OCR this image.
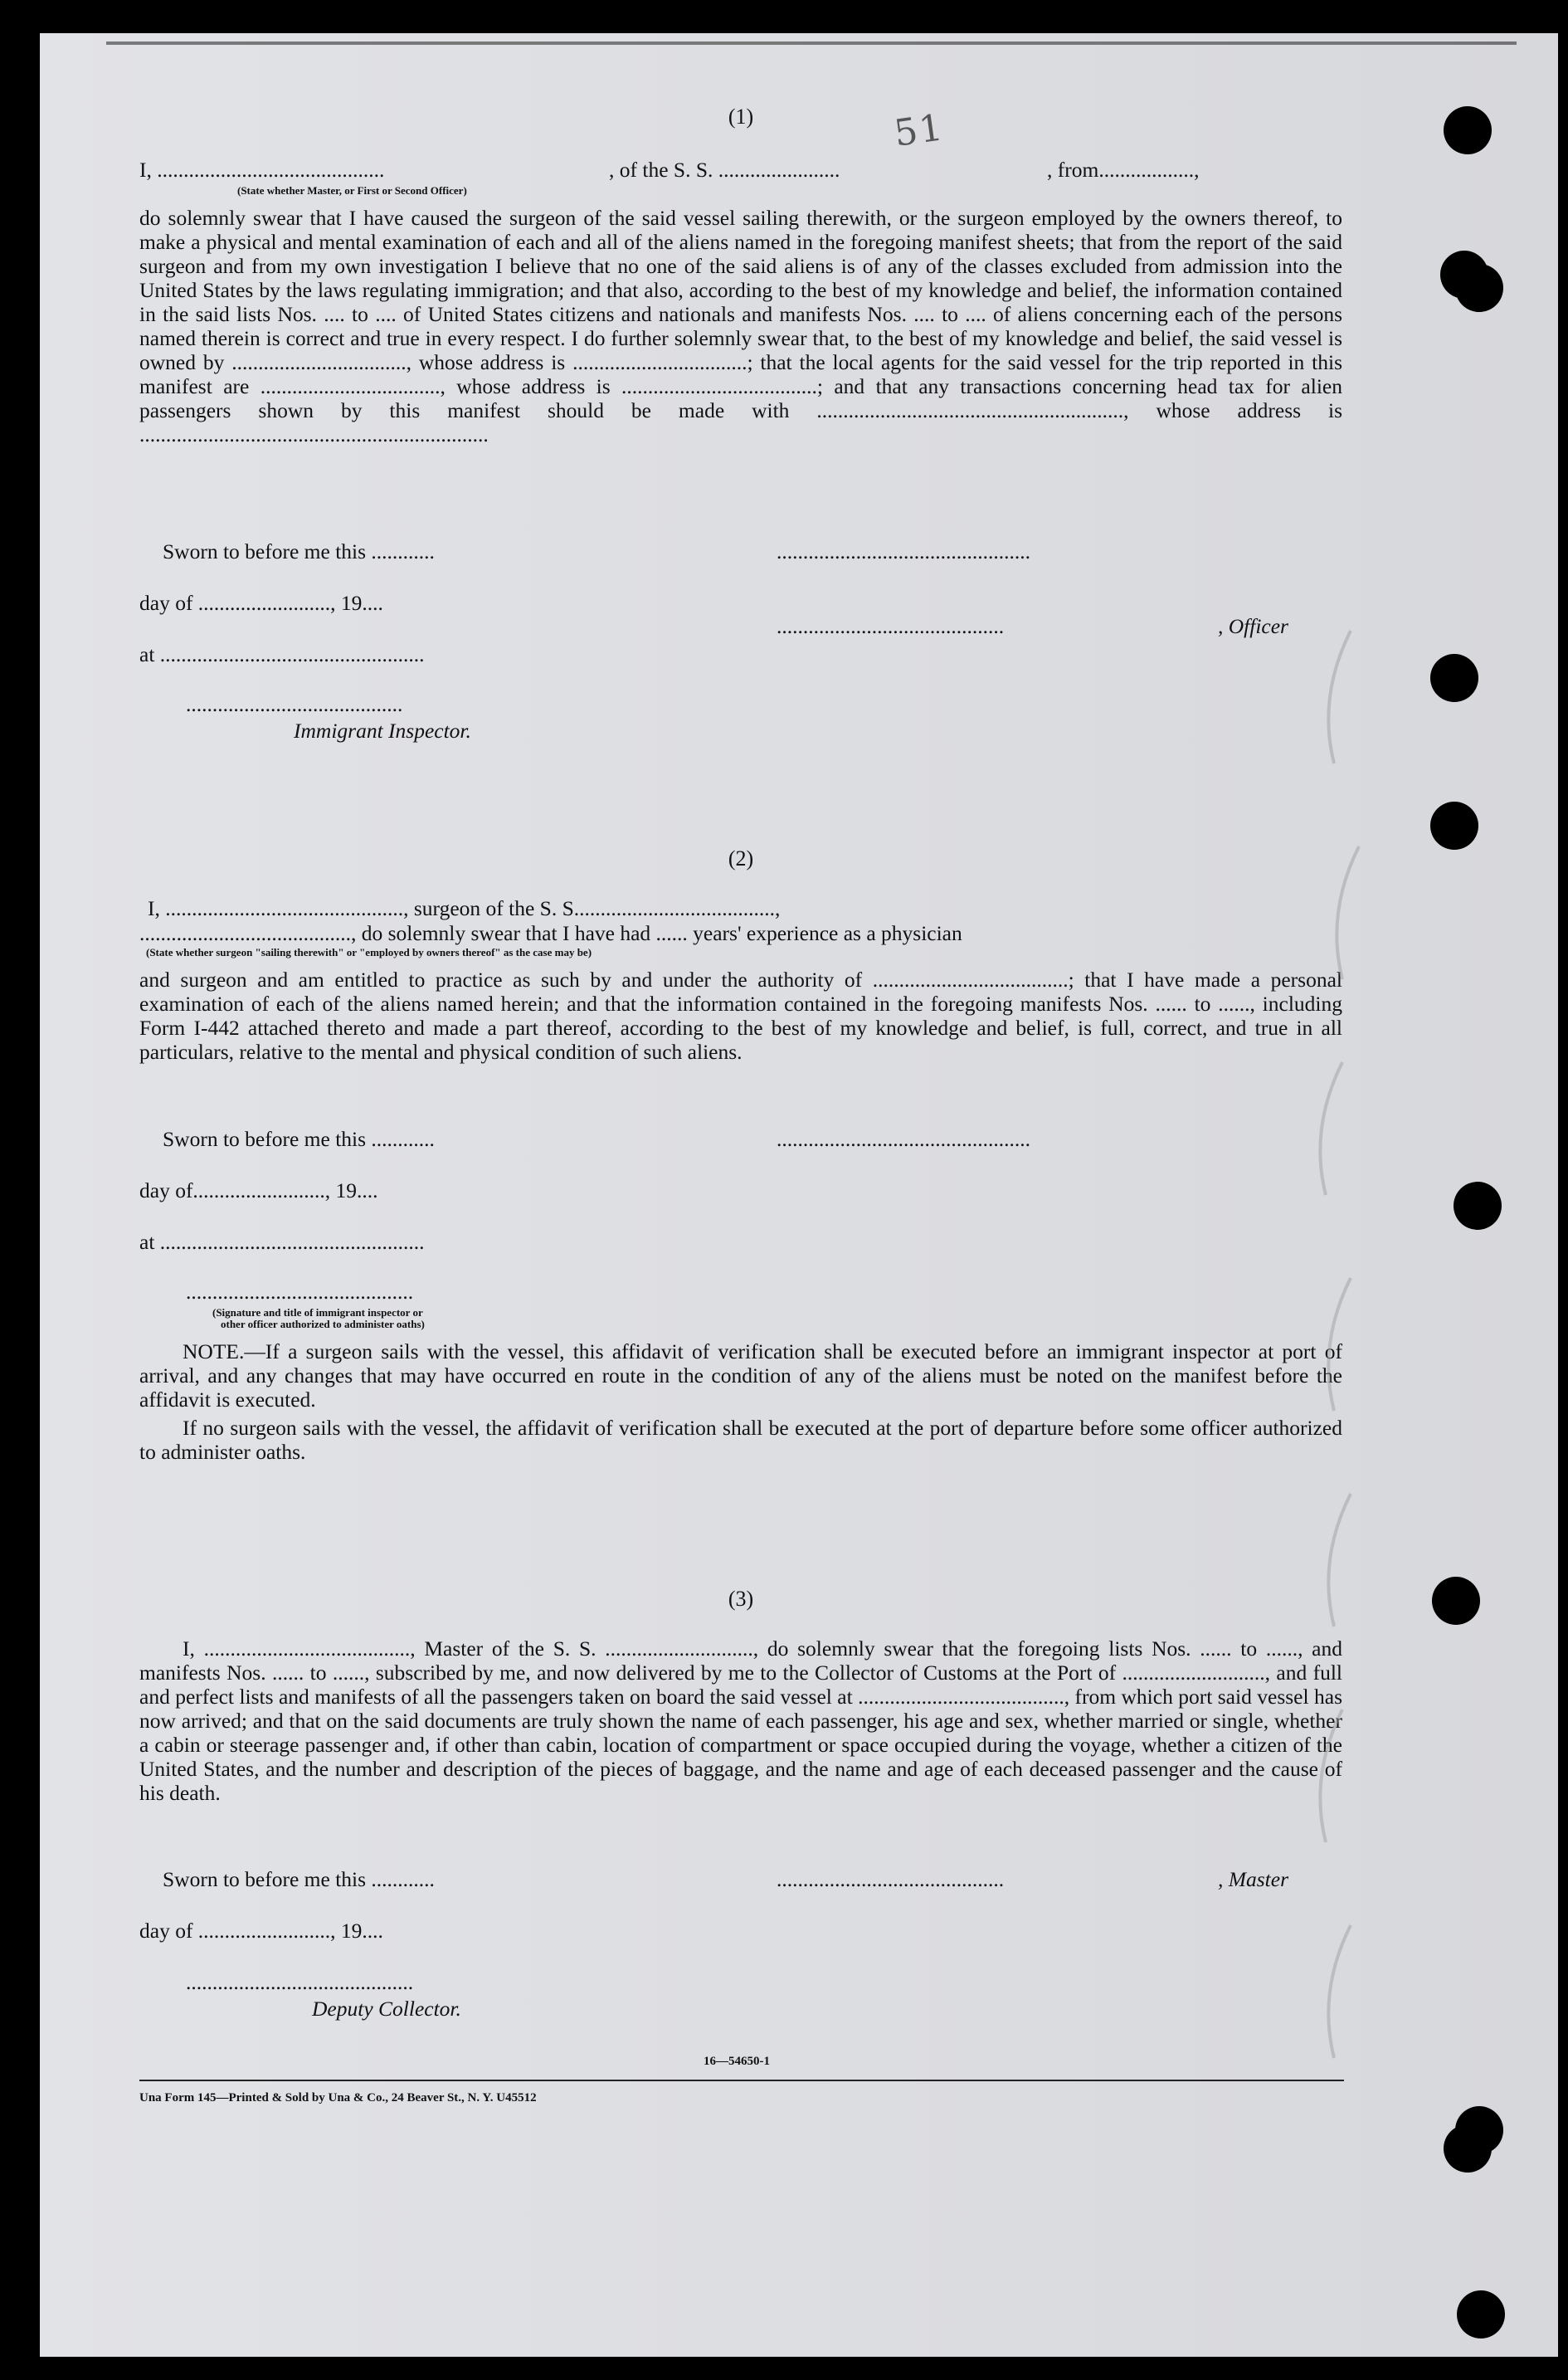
51
(1)
I, ...........................................	, of the S. S. .......................	, from..................,
(State whether Master, or First or Second Officer)
do solemnly swear that I have caused the surgeon of the said vessel sailing therewith, or the surgeon employed by the owners thereof, to make a physical and mental examination of each and all of the aliens named in the foregoing manifest sheets; that from the report of the said surgeon and from my own investigation I believe that no one of the said aliens is of any of the classes excluded from admission into the United States by the laws regulating immigration; and that also, according to the best of my knowledge and belief, the information contained in the said lists Nos. .... to .... of United States citizens and nationals and manifests Nos. .... to .... of aliens concerning each of the persons named therein is correct and true in every respect. I do further solemnly swear that, to the best of my knowledge and belief, the said vessel is owned by ................................., whose address is .................................; that the local agents for the said vessel for the trip reported in this manifest are .................................., whose address is .....................................; and that any transactions concerning head tax for alien passengers shown by this manifest should be made with .........................................................., whose address is ..................................................................
Sworn to before me this ............	................................................
day of ........................., 19....
...........................................	, Officer
at ..................................................
.........................................
Immigrant Inspector.
(2)
I, ............................................., surgeon of the S. S......................................,
........................................, do solemnly swear that I have had ...... years' experience as a physician
(State whether surgeon "sailing therewith" or "employed by owners thereof" as the case may be)
and surgeon and am entitled to practice as such by and under the authority of .....................................; that I have made a personal examination of each of the aliens named herein; and that the information contained in the foregoing manifests Nos. ...... to ......, including Form I-442 attached thereto and made a part thereof, according to the best of my knowledge and belief, is full, correct, and true in all particulars, relative to the mental and physical condition of such aliens.
Sworn to before me this ............	................................................
day of........................., 19....
at ..................................................
...........................................
(Signature and title of immigrant inspector or
other officer authorized to administer oaths)
NOTE.—If a surgeon sails with the vessel, this affidavit of verification shall be executed before an immigrant inspector at port of arrival, and any changes that may have occurred en route in the condition of any of the aliens must be noted on the manifest before the affidavit is executed.
If no surgeon sails with the vessel, the affidavit of verification shall be executed at the port of departure before some officer authorized to administer oaths.
(3)
I, ......................................., Master of the S. S. ............................, do solemnly swear that the foregoing lists Nos. ...... to ......, and manifests Nos. ...... to ......, subscribed by me, and now delivered by me to the Collector of Customs at the Port of ..........................., and full and perfect lists and manifests of all the passengers taken on board the said vessel at ......................................., from which port said vessel has now arrived; and that on the said documents are truly shown the name of each passenger, his age and sex, whether married or single, whether a cabin or steerage passenger and, if other than cabin, location of compartment or space occupied during the voyage, whether a citizen of the United States, and the number and description of the pieces of baggage, and the name and age of each deceased passenger and the cause of his death.
Sworn to before me this ............	...........................................	, Master
day of ........................., 19....
...........................................
Deputy Collector.
16—54650-1
Una Form 145—Printed & Sold by Una & Co., 24 Beaver St., N. Y. U45512
